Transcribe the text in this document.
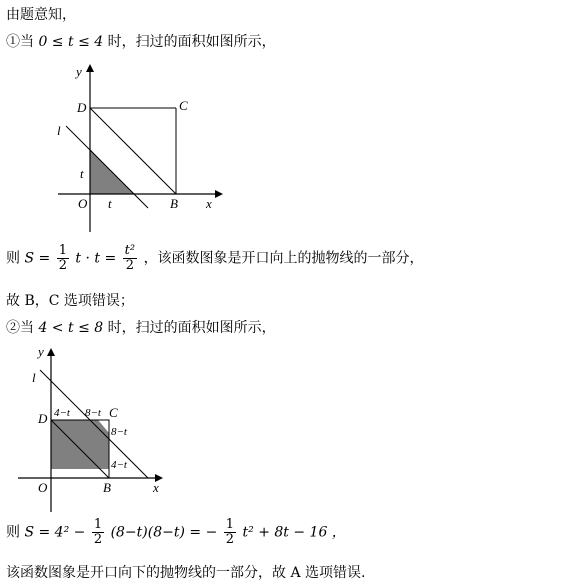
由题意知，
①当 0 ≤ t ≤ 4 时，扫过的面积如图所示，
y
x
D	C
B
O
l
t
t
则 $S = \frac{1}{2}$ $t \cdot t = \frac{\text{t²}}{2}$ ，该函数图象是开口向上的抛物线的一部分，
故 B，C 选项错误；
②当 4 < t ≤ 8 时，扫过的面积如图所示，
y
x
D	C
B
O
l
4−t 8−t
8−t
4−t
则 $S = 4^2 - \frac{1}{2} (8-t)(8-t)$ = − $\frac{1}{2} t^2 + 8t - 16$ ，
该函数图象是开口向下的抛物线的一部分，故 A 选项错误.
